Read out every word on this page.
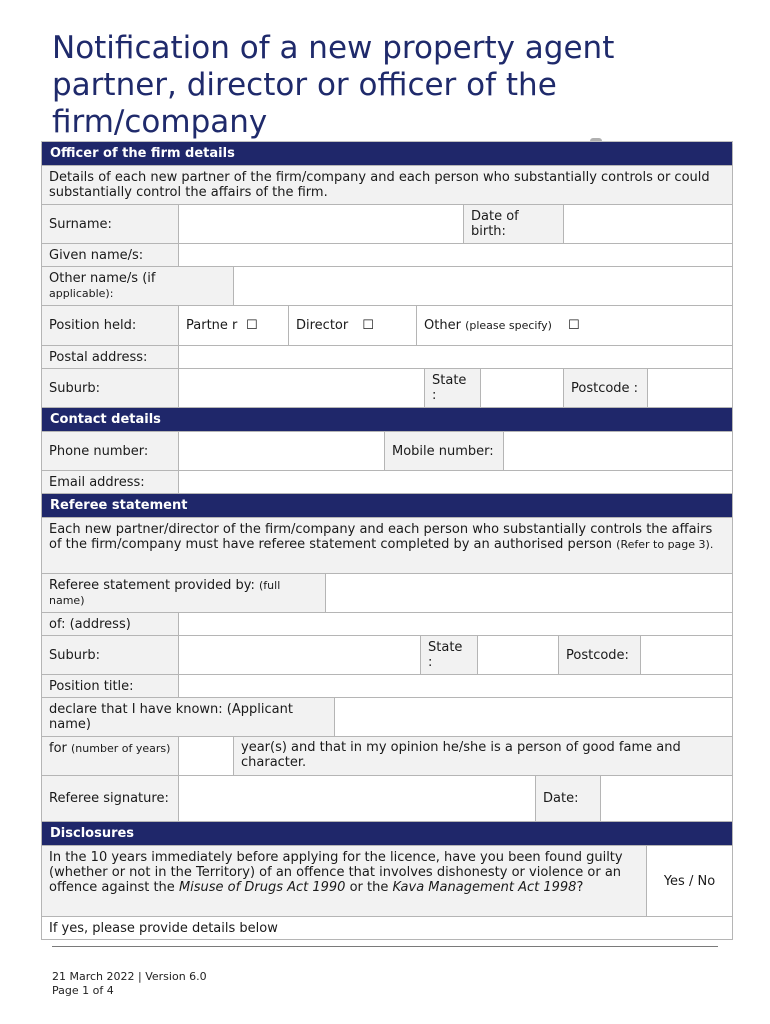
Notification of a new property agent partner, director or officer of the firm/company
Officer of the firm details
Details of each new partner of the firm/company and each person who substantially controls or could substantially control the affairs of the firm.
Surname:	Date of birth:
Given name/s:
Other name/s (if
applicable):
Position held:	Partne r ☐	Director ☐	Other (please specify)	☐
Postal address:
Suburb:	State :	Postcode :
Contact details
Phone number:	Mobile number:
Email address:
Referee statement
Each new partner/director of the firm/company and each person who substantially controls the affairs of the firm/company must have referee statement completed by an authorised person (Refer to page 3).
Referee statement provided by: (full name)
of: (address)
Suburb:	State :	Postcode:
Position title:
declare that I have known: (Applicant name)
for (number of years)	year(s) and that in my opinion he/she is a person of good fame and character.
Referee signature:	Date:
Disclosures
In the 10 years immediately before applying for the licence, have you been found guilty (whether or not in the Territory) of an offence that involves dishonesty or violence or an offence against the Misuse of Drugs Act 1990 or the Kava Management Act 1998?	Yes / No
If yes, please provide details below
21 March 2022 | Version 6.0
Page 1 of 4
